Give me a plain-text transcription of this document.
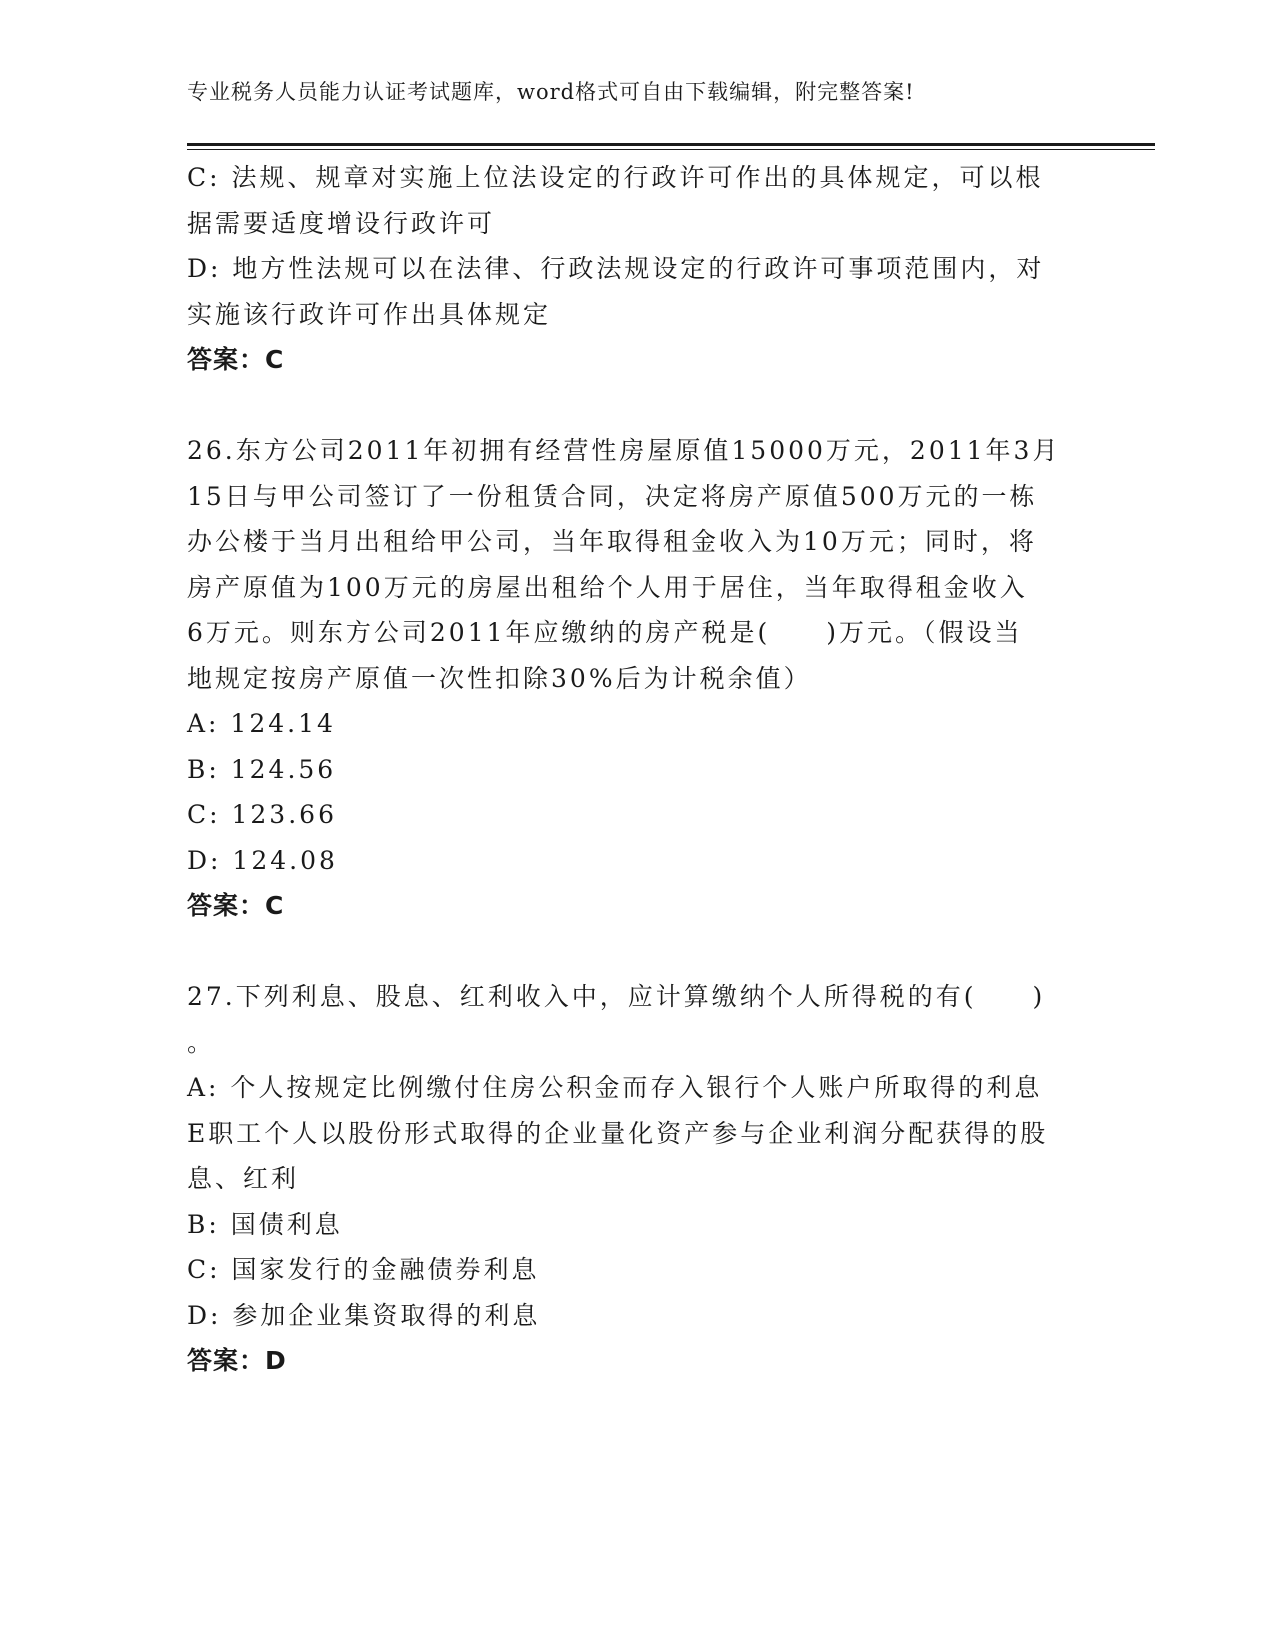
专业税务人员能力认证考试题库，word格式可自由下载编辑，附完整答案!
C: 法规、规章对实施上位法设定的行政许可作出的具体规定，可以根
据需要适度增设行政许可
D: 地方性法规可以在法律、行政法规设定的行政许可事项范围内，对
实施该行政许可作出具体规定
答案：C
26.东方公司2011年初拥有经营性房屋原值15000万元，2011年3月
15日与甲公司签订了一份租赁合同，决定将房产原值500万元的一栋
办公楼于当月出租给甲公司，当年取得租金收入为10万元；同时，将
房产原值为100万元的房屋出租给个人用于居住，当年取得租金收入
6万元。则东方公司2011年应缴纳的房产税是(　　)万元。（假设当
地规定按房产原值一次性扣除30%后为计税余值）
A: 124.14
B: 124.56
C: 123.66
D: 124.08
答案：C
27.下列利息、股息、红利收入中，应计算缴纳个人所得税的有(　　)
。
A: 个人按规定比例缴付住房公积金而存入银行个人账户所取得的利息
E职工个人以股份形式取得的企业量化资产参与企业利润分配获得的股
息、红利
B: 国债利息
C: 国家发行的金融债券利息
D: 参加企业集资取得的利息
答案：D
